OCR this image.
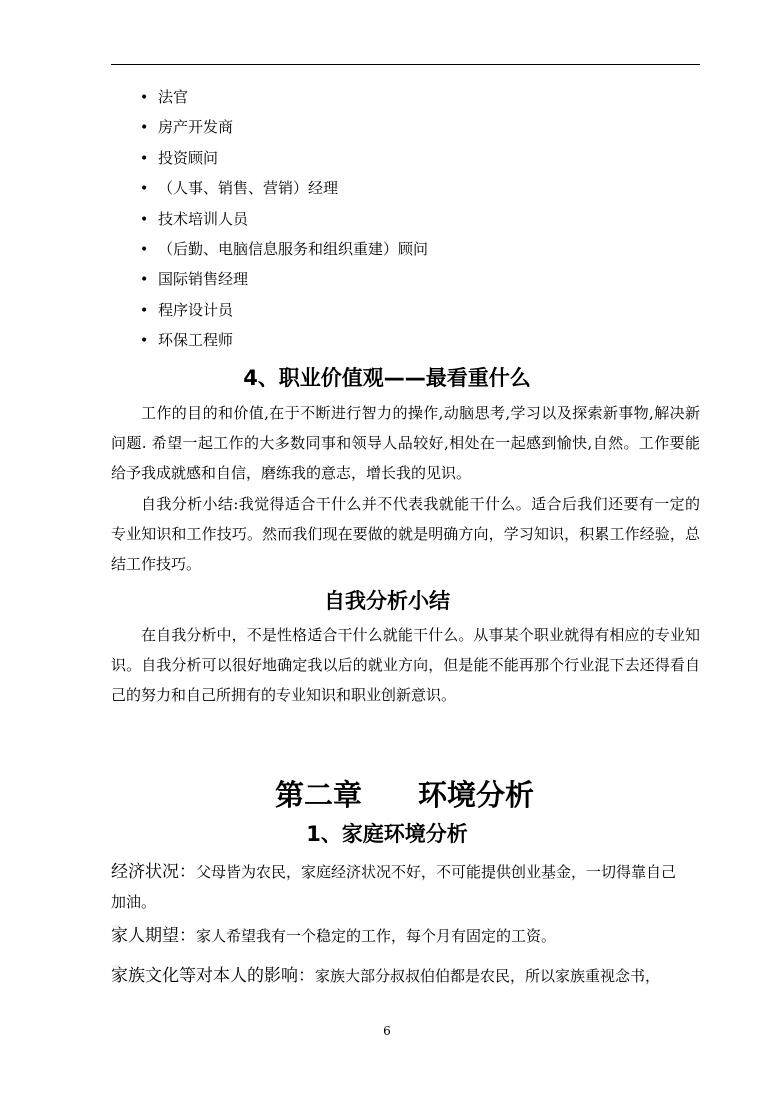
• 法官
• 房产开发商
• 投资顾问
• （人事、销售、营销）经理
• 技术培训人员
• （后勤、电脑信息服务和组织重建）顾问
• 国际销售经理
• 程序设计员
• 环保工程师
4、职业价值观——最看重什么

工作的目的和价值,在于不断进行智力的操作,动脑思考,学习以及探索新事物,解决新问题. 希望一起工作的大多数同事和领导人品较好,相处在一起感到愉快,自然。工作要能给予我成就感和自信，磨练我的意志，增长我的见识。

自我分析小结:我觉得适合干什么并不代表我就能干什么。适合后我们还要有一定的专业知识和工作技巧。然而我们现在要做的就是明确方向，学习知识，积累工作经验，总结工作技巧。

自我分析小结

在自我分析中，不是性格适合干什么就能干什么。从事某个职业就得有相应的专业知识。自我分析可以很好地确定我以后的就业方向，但是能不能再那个行业混下去还得看自己的努力和自己所拥有的专业知识和职业创新意识。

第二章 环境分析
1、家庭环境分析

经济状况：父母皆为农民，家庭经济状况不好，不可能提供创业基金，一切得靠自己

加油。

家人期望：家人希望我有一个稳定的工作，每个月有固定的工资。

家族文化等对本人的影响：家族大部分叔叔伯伯都是农民，所以家族重视念书，

6
